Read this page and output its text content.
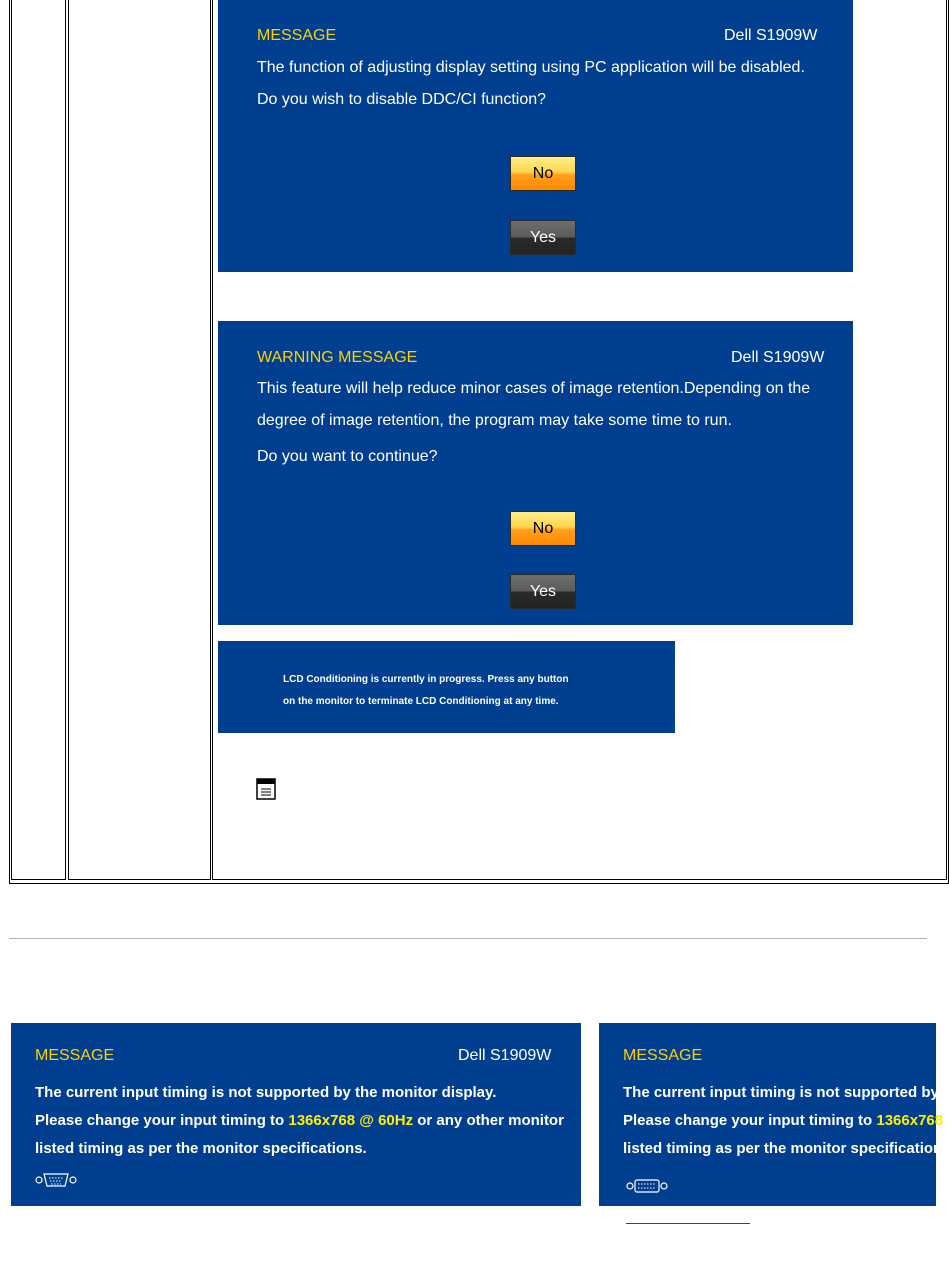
MESSAGE	Dell S1909W
The function of adjusting display setting using PC application will be disabled.
Do you wish to disable DDC/CI function?
No
Yes
WARNING MESSAGE	Dell S1909W
This feature will help reduce minor cases of image retention.Depending on the
degree of image retention, the program may take some time to run.
Do you want to continue?
No
Yes
LCD Conditioning is currently in progress. Press any button
on the monitor to terminate LCD Conditioning at any time.
MESSAGE	Dell S1909W
The current input timing is not supported by the monitor display.
Please change your input timing to 1366x768 @ 60Hz or any other monitor
listed timing as per the monitor specifications.
MESSAGE
The current input timing is not supported by
Please change your input timing to 1366x768
listed timing as per the monitor specification
